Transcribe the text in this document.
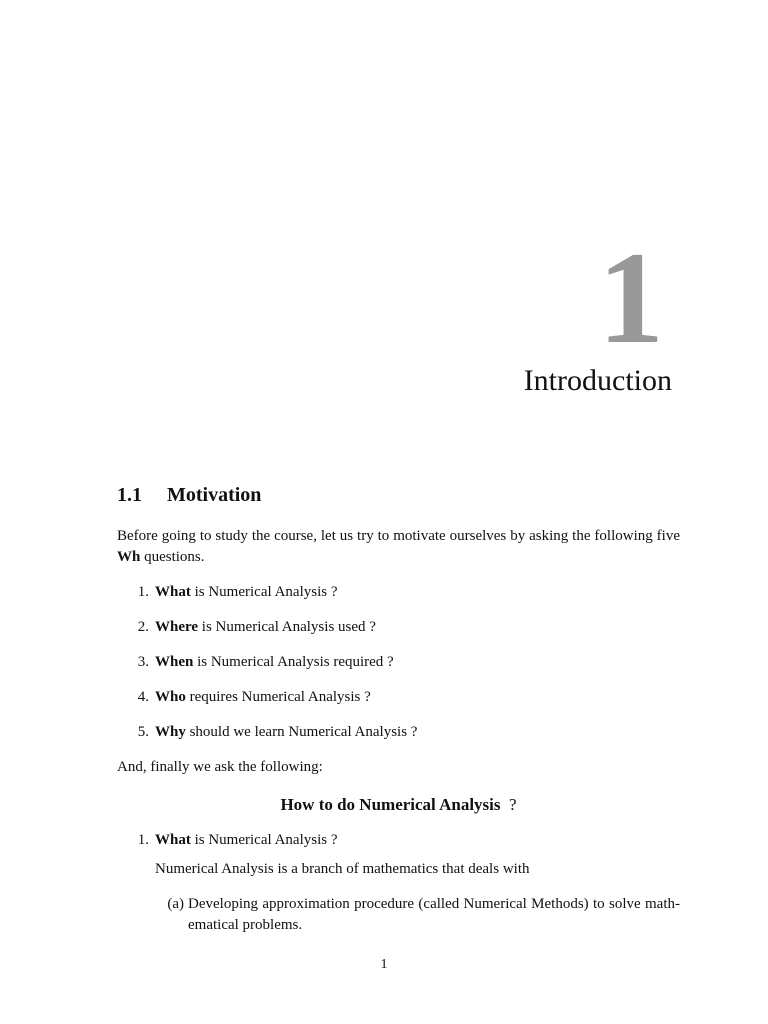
1
Introduction
1.1	Motivation

Before going to study the course, let us try to motivate ourselves by asking the following five Wh questions.

1. What is Numerical Analysis ?
2. Where is Numerical Analysis used ?
3. When is Numerical Analysis required ?
4. Who requires Numerical Analysis ?
5. Why should we learn Numerical Analysis ?

And, finally we ask the following:

How to do Numerical Analysis ?

1. What is Numerical Analysis ?

Numerical Analysis is a branch of mathematics that deals with

(a) Developing approximation procedure (called Numerical Methods) to solve math-ematical problems.
1
